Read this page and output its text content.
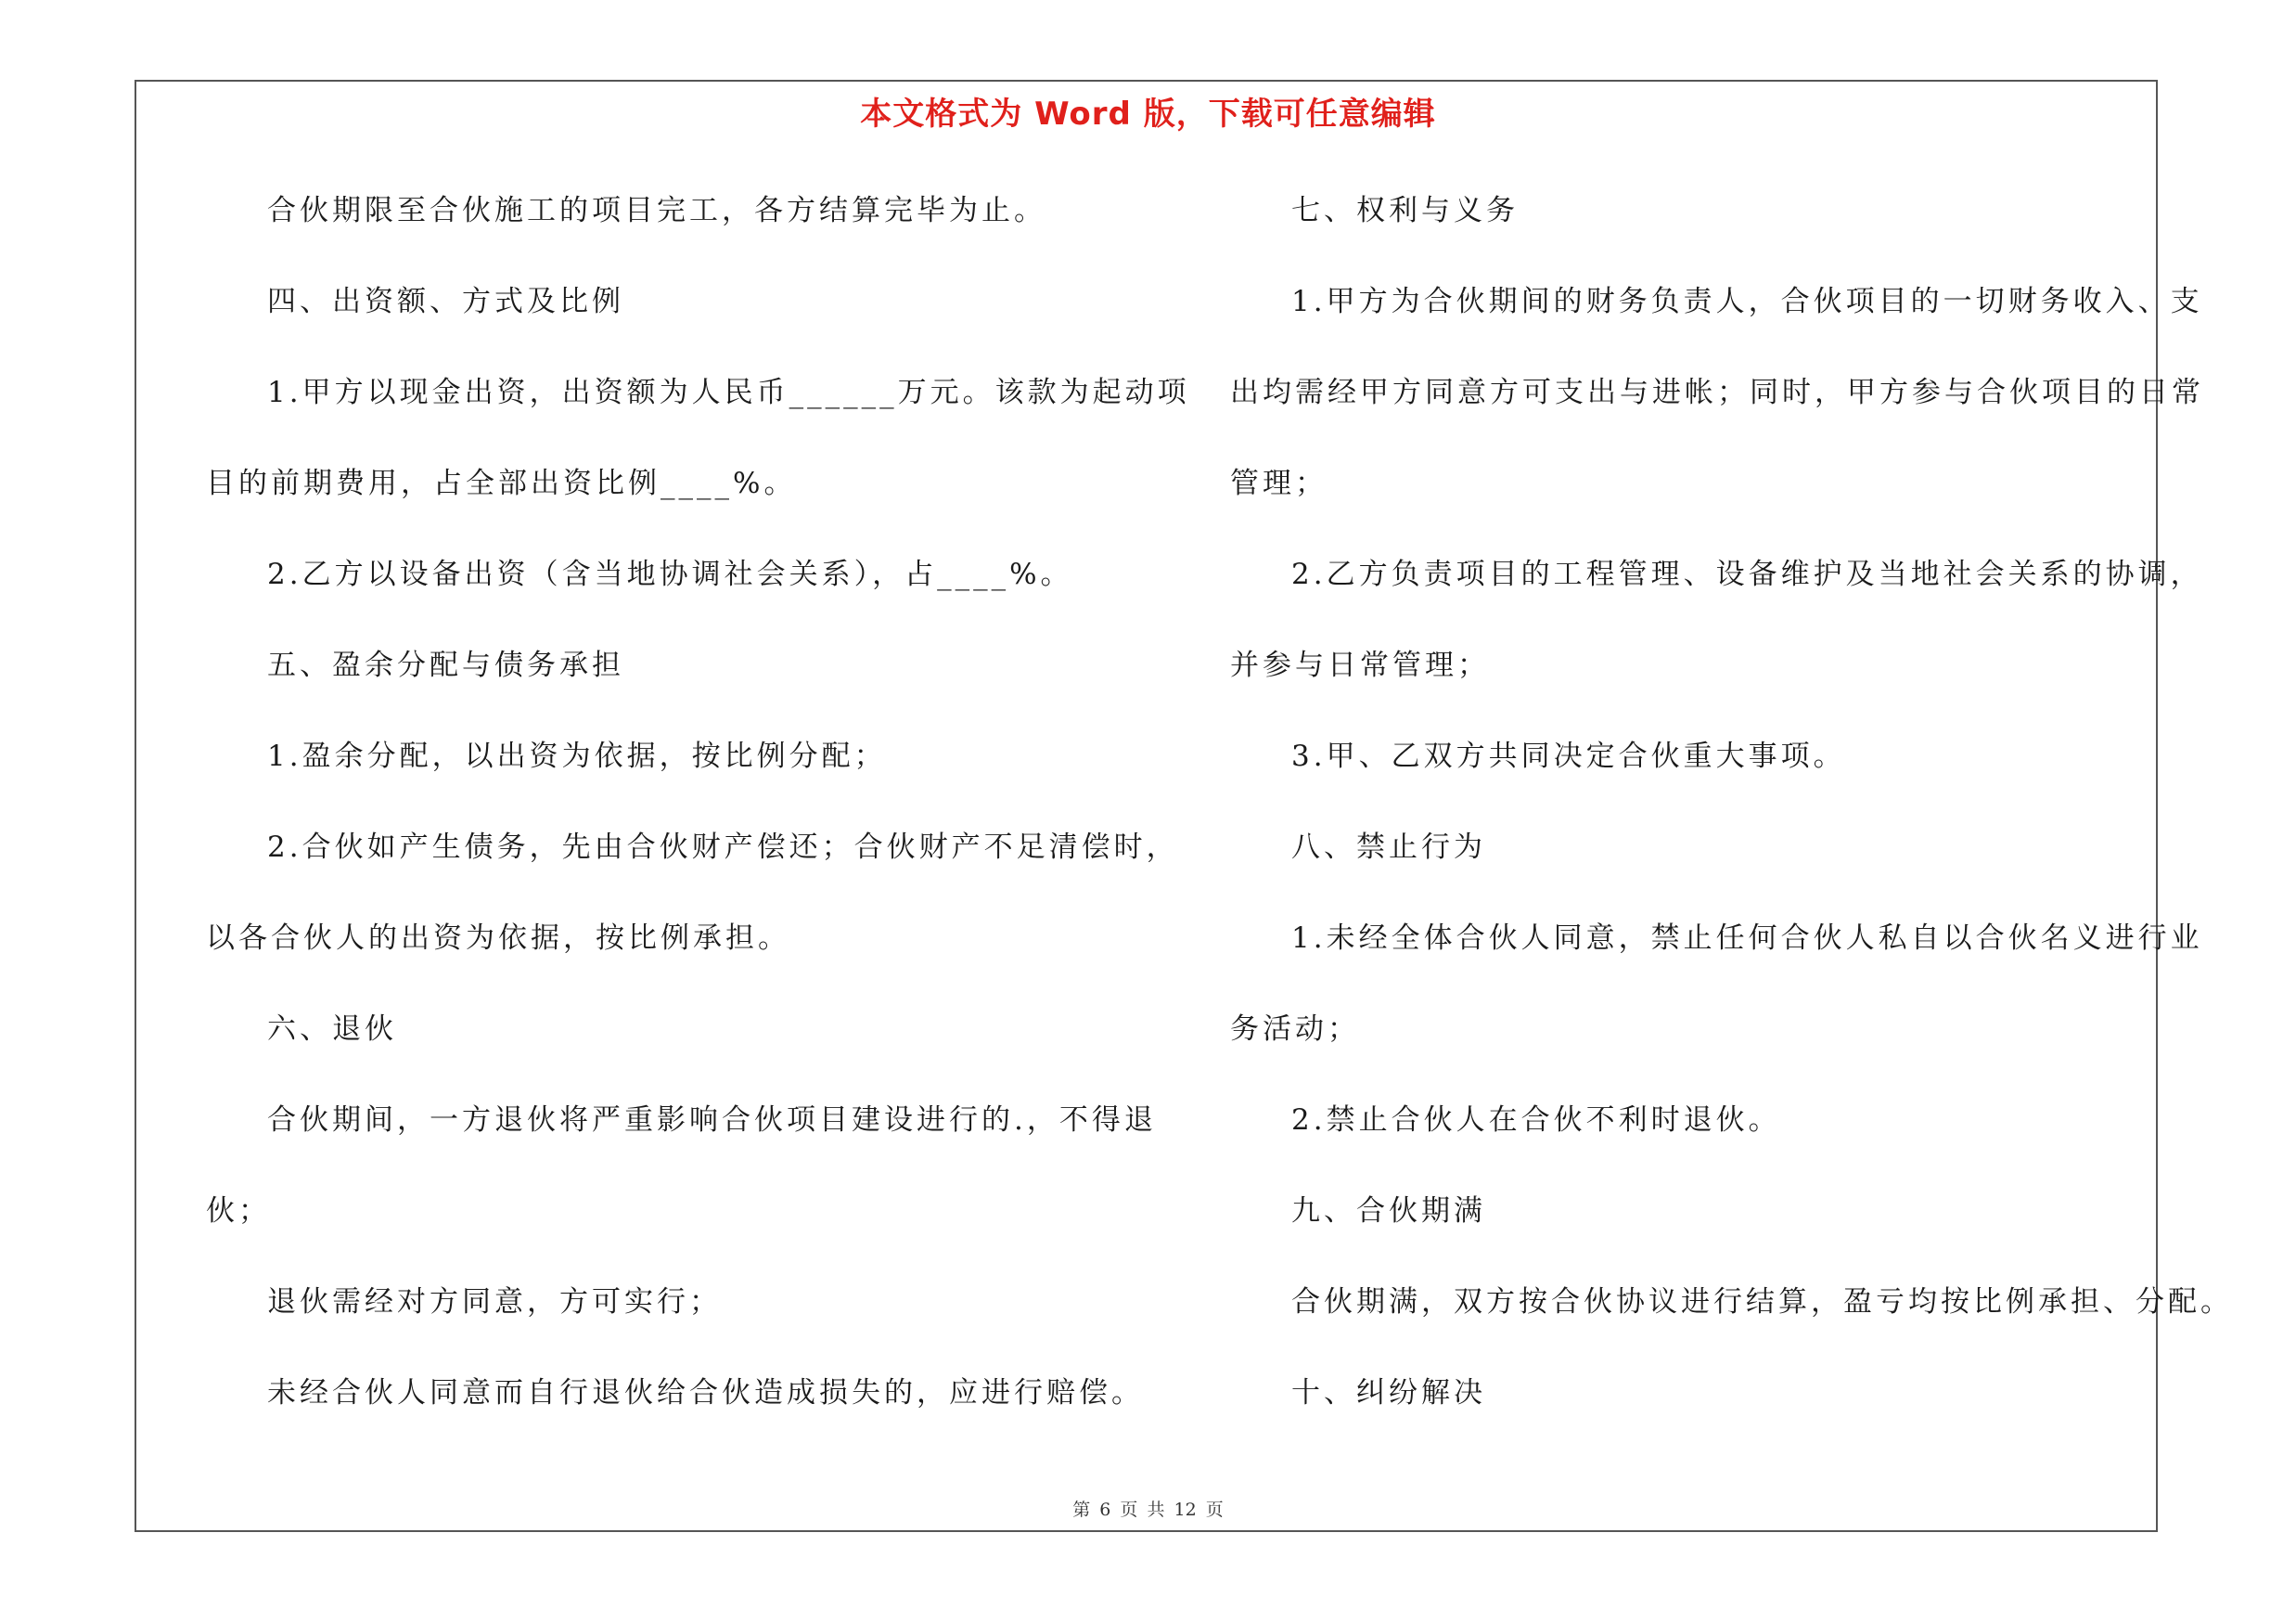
本文格式为 Word 版，下载可任意编辑
合伙期限至合伙施工的项目完工，各方结算完毕为止。
四、出资额、方式及比例
1.甲方以现金出资，出资额为人民币______万元。该款为起动项
目的前期费用，占全部出资比例____%。
2.乙方以设备出资（含当地协调社会关系），占____%。
五、盈余分配与债务承担
1.盈余分配，以出资为依据，按比例分配；
2.合伙如产生债务，先由合伙财产偿还；合伙财产不足清偿时，
以各合伙人的出资为依据，按比例承担。
六、退伙
合伙期间，一方退伙将严重影响合伙项目建设进行的.，不得退
伙；
退伙需经对方同意，方可实行；
未经合伙人同意而自行退伙给合伙造成损失的，应进行赔偿。
七、权利与义务
1.甲方为合伙期间的财务负责人，合伙项目的一切财务收入、支
出均需经甲方同意方可支出与进帐；同时，甲方参与合伙项目的日常
管理；
2.乙方负责项目的工程管理、设备维护及当地社会关系的协调，
并参与日常管理；
3.甲、乙双方共同决定合伙重大事项。
八、禁止行为
1.未经全体合伙人同意，禁止任何合伙人私自以合伙名义进行业
务活动；
2.禁止合伙人在合伙不利时退伙。
九、合伙期满
合伙期满，双方按合伙协议进行结算，盈亏均按比例承担、分配。
十、纠纷解决
第 6 页 共 12 页
